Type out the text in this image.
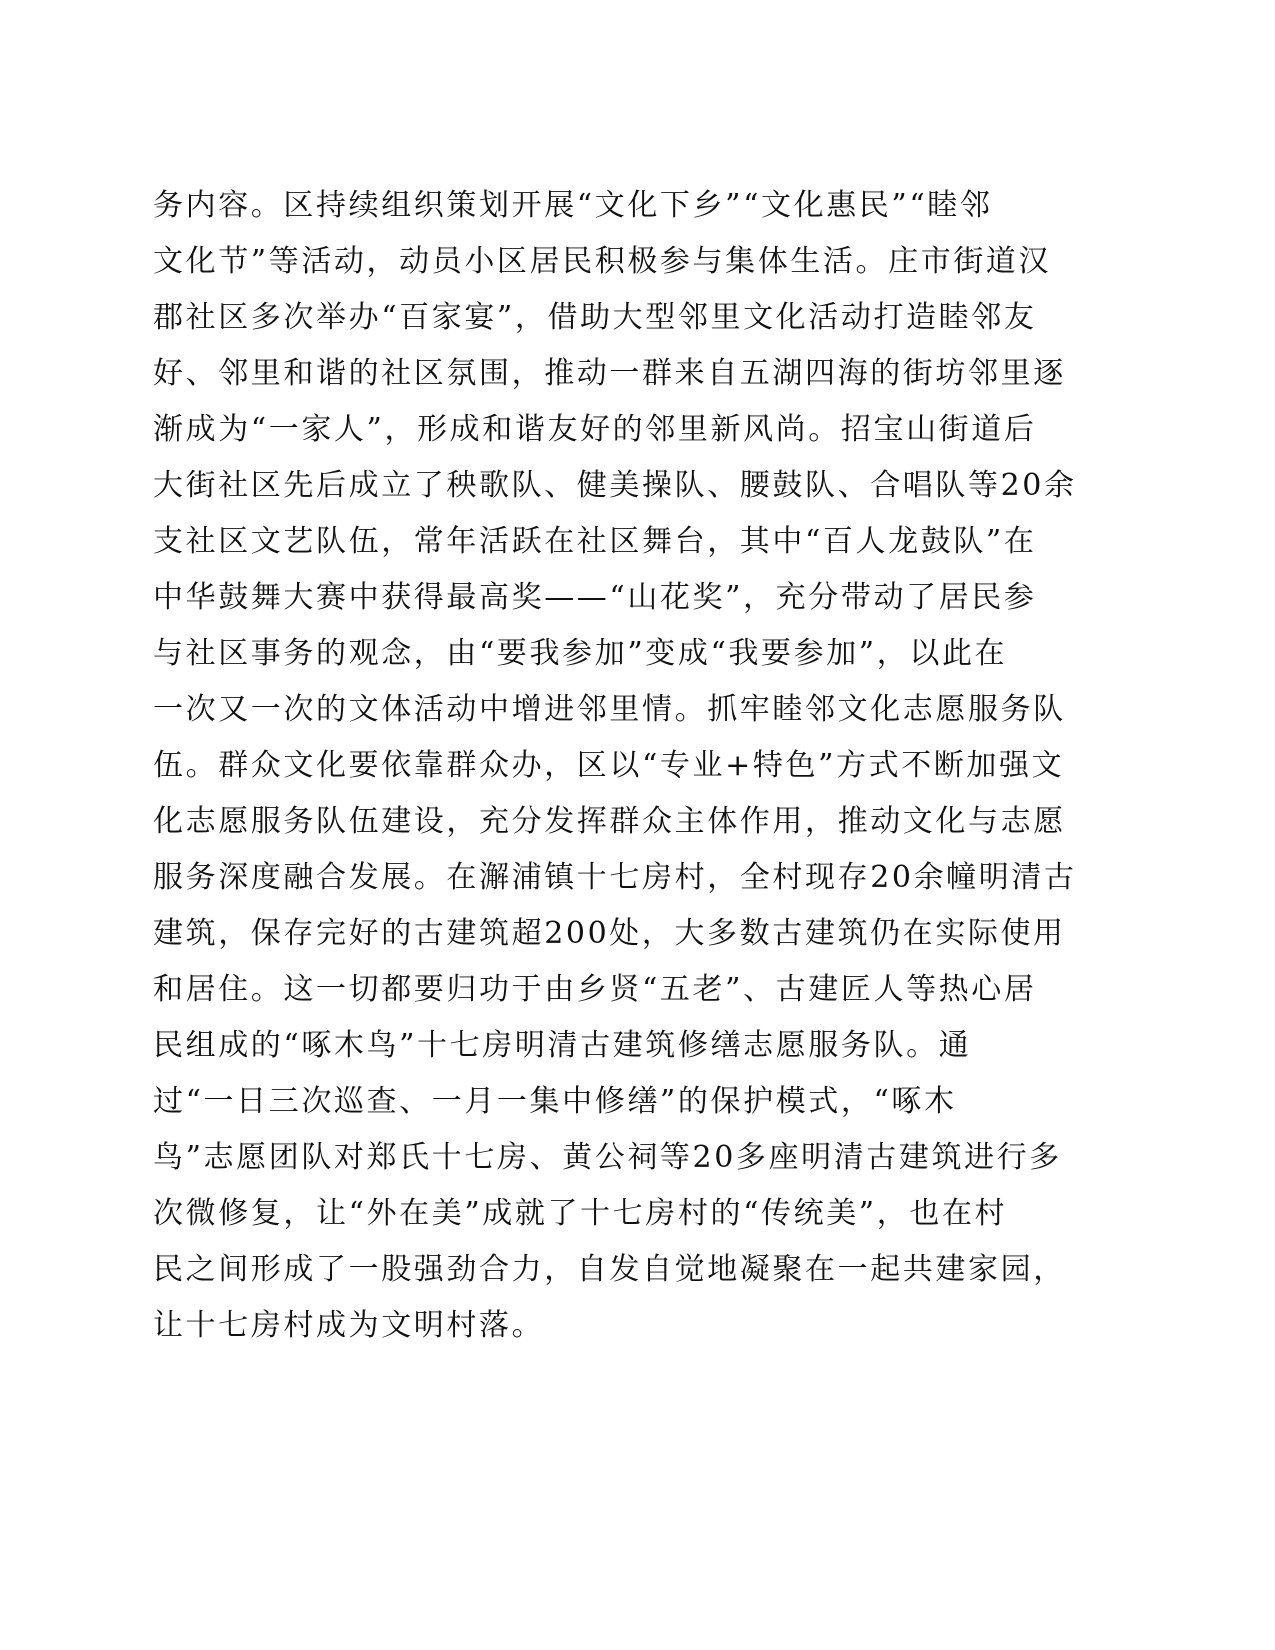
务内容。区持续组织策划开展“文化下乡”“文化惠民”“睦邻
文化节”等活动，动员小区居民积极参与集体生活。庄市街道汉
郡社区多次举办“百家宴”，借助大型邻里文化活动打造睦邻友
好、邻里和谐的社区氛围，推动一群来自五湖四海的街坊邻里逐
渐成为“一家人”，形成和谐友好的邻里新风尚。招宝山街道后
大街社区先后成立了秧歌队、健美操队、腰鼓队、合唱队等20余
支社区文艺队伍，常年活跃在社区舞台，其中“百人龙鼓队”在
中华鼓舞大赛中获得最高奖——“山花奖”，充分带动了居民参
与社区事务的观念，由“要我参加”变成“我要参加”，以此在
一次又一次的文体活动中增进邻里情。抓牢睦邻文化志愿服务队
伍。群众文化要依靠群众办，区以“专业+特色”方式不断加强文
化志愿服务队伍建设，充分发挥群众主体作用，推动文化与志愿
服务深度融合发展。在澥浦镇十七房村，全村现存20余幢明清古
建筑，保存完好的古建筑超200处，大多数古建筑仍在实际使用
和居住。这一切都要归功于由乡贤“五老”、古建匠人等热心居
民组成的“啄木鸟”十七房明清古建筑修缮志愿服务队。通
过“一日三次巡查、一月一集中修缮”的保护模式，“啄木
鸟”志愿团队对郑氏十七房、黄公祠等20多座明清古建筑进行多
次微修复，让“外在美”成就了十七房村的“传统美”，也在村
民之间形成了一股强劲合力，自发自觉地凝聚在一起共建家园，
让十七房村成为文明村落。
